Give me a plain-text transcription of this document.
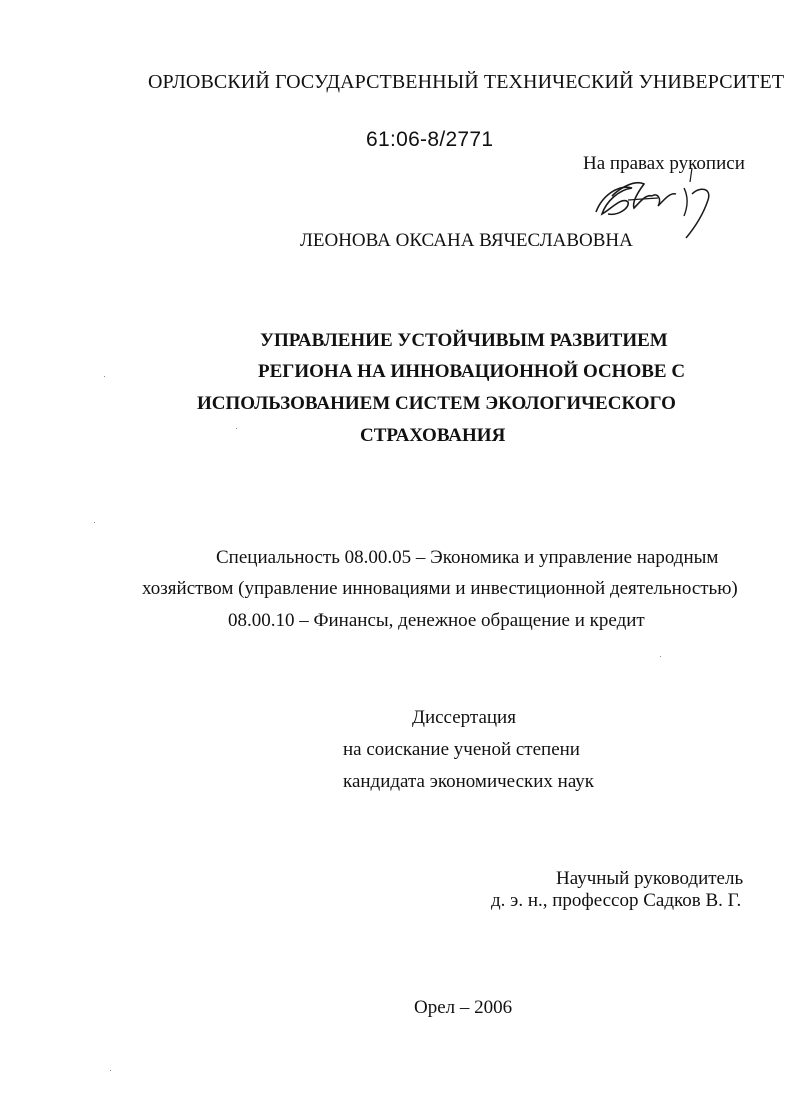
ОРЛОВСКИЙ ГОСУДАРСТВЕННЫЙ ТЕХНИЧЕСКИЙ УНИВЕРСИТЕТ
61:06-8/2771
На правах рукописи
ЛЕОНОВА ОКСАНА ВЯЧЕСЛАВОВНА
УПРАВЛЕНИЕ УСТОЙЧИВЫМ РАЗВИТИЕМ
РЕГИОНА НА ИННОВАЦИОННОЙ ОСНОВЕ С
ИСПОЛЬЗОВАНИЕМ СИСТЕМ ЭКОЛОГИЧЕСКОГО
СТРАХОВАНИЯ
Специальность 08.00.05 – Экономика и управление народным
хозяйством (управление инновациями и инвестиционной деятельностью)
08.00.10 – Финансы, денежное обращение и кредит
Диссертация
на соискание ученой степени
кандидата экономических наук
Научный руководитель
д. э. н., профессор Садков В. Г.
Орел – 2006
